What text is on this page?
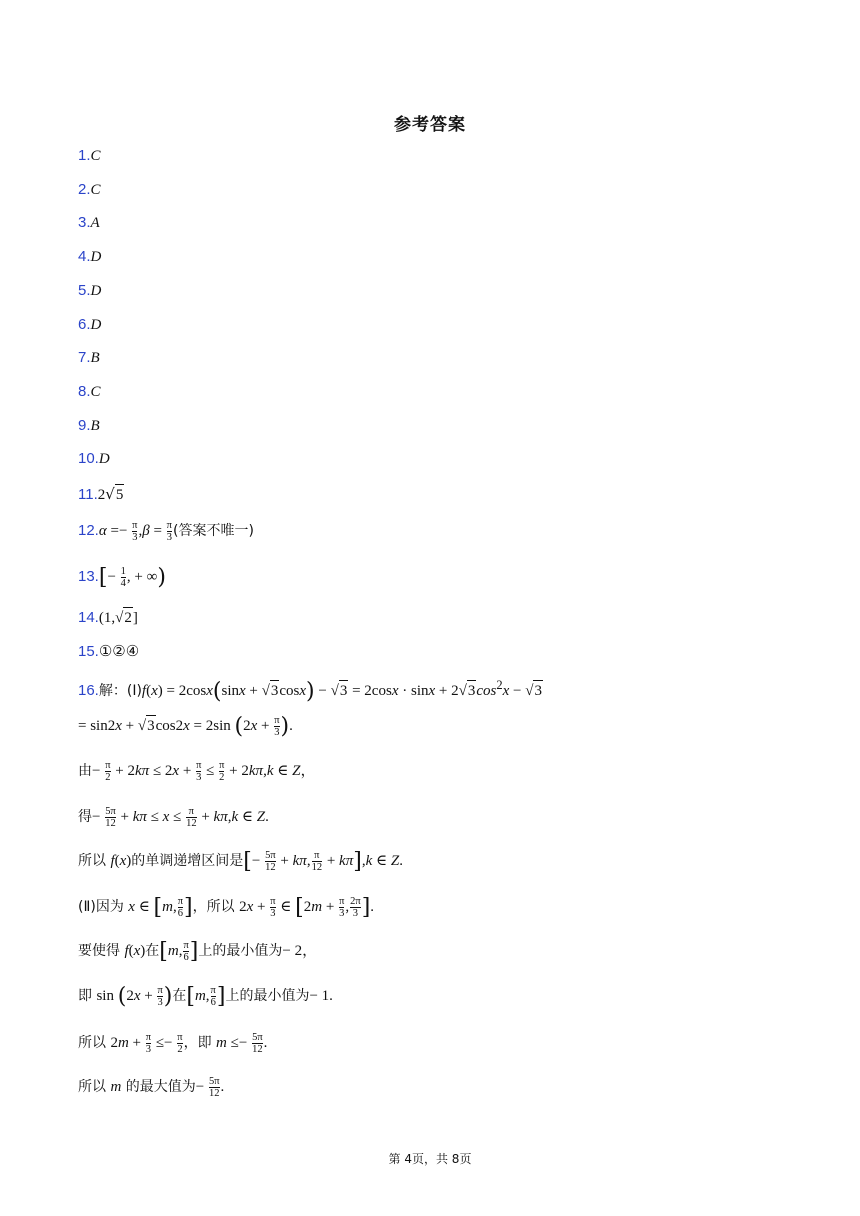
参考答案
1.C
2.C
3.A
4.D
5.D
6.D
7.B
8.C
9.B
10.D
11.2√5
$12.\alpha =- \frac{\pi}{3} ,\beta = \frac{\pi}{3}$ (答案不唯一)
$13.[- \frac{1}{4}$ , + ∞)
14.(1,√2]
15.①②④
16.解：(Ⅰ)f(x) = $2\cos x(\sin x + √3\cos x) - √3 = 2\cos x \cdot \sin x + 2√3\cos^2x - √3$
= sin2x + √3cos2x = 2sin ($2x + \frac{\pi}{3}$ ).
由− $\frac{\pi}{2} + 2k\pi \le 2x + \frac{\pi}{3} \le \frac{\pi}{2} + 2k\pi,k$ ∈ Z，
得− $\frac{5\pi}{12} + k\pi \le x \le \frac{\pi}{12} + k\pi,k$ ∈ Z.
所以 f(x)的单调递增区间是[− $\frac{5\pi}{12} + k\pi$, $\frac{\pi}{12} + k\pi],k$ ∈ Z.
(Ⅱ)因为 x ∈ [m, $\frac{\pi}{6}$ ]，所以 $2x + \frac{\pi}{3}$ ∈ [$2m + \frac{\pi}{3}$ , $\frac{2\pi}{3}$ ].
要使得 f(x)在[m, $\frac{\pi}{6}$ ]上的最小值为− 2，
即 $\sin (2x + \frac{\pi}{3}$ )在[m, $\frac{\pi}{6}$ ]上的最小值为− 1.
所以 $2m + \frac{\pi}{3} \le- \frac{\pi}{2}$ ，即 $m \le- \frac{5\pi}{12}$ .
所以 m 的最大值为− $\frac{5\pi}{12}$ .
第 4页，共 8页
